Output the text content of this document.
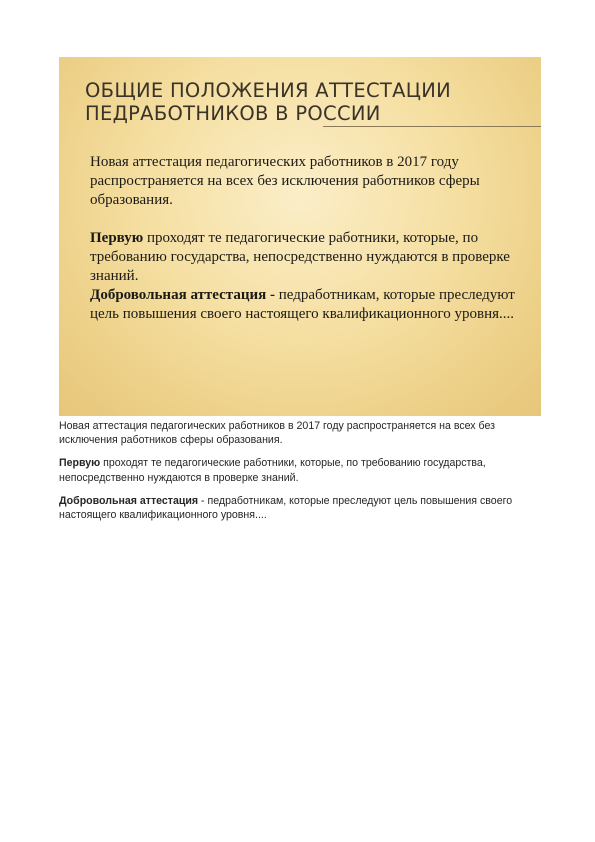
ОБЩИЕ ПОЛОЖЕНИЯ АТТЕСТАЦИИ
ПЕДРАБОТНИКОВ В РОССИИ

Новая аттестация педагогических работников в 2017 году распространяется на всех без исключения работников сферы образования.

Первую проходят те педагогические работники, которые, по требованию государства, непосредственно нуждаются в проверке знаний.

Добровольная аттестация - педработникам, которые преследуют цель повышения своего настоящего квалификационного уровня....

Новая аттестация педагогических работников в 2017 году распространяется на всех без исключения работников сферы образования.

Первую проходят те педагогические работники, которые, по требованию государства, непосредственно нуждаются в проверке знаний.

Добровольная аттестация - педработникам, которые преследуют цель повышения своего настоящего квалификационного уровня....
